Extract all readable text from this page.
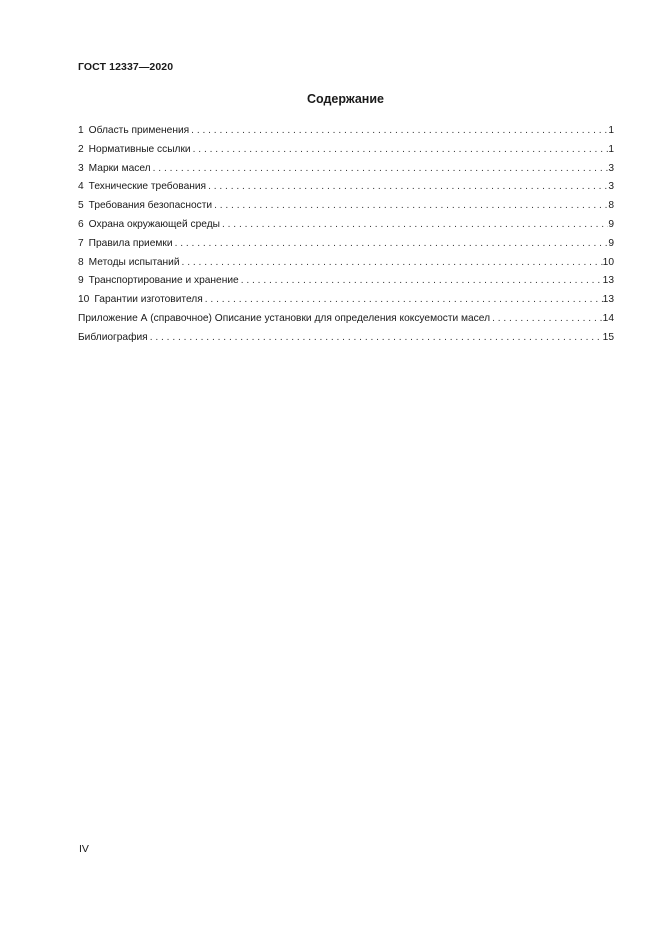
ГОСТ 12337—2020
Содержание
1 Область применения . . .	1
2 Нормативные ссылки . . .	1
3 Марки масел . . .	3
4 Технические требования . . .	3
5 Требования безопасности . . .	8
6 Охрана окружающей среды . . .	9
7 Правила приемки . . .	9
8 Методы испытаний . . .	10
9 Транспортирование и хранение . . .	13
10 Гарантии изготовителя . . .	13
Приложение А (справочное) Описание установки для определения коксуемости масел . . .	14
Библиография . . .	15
IV
